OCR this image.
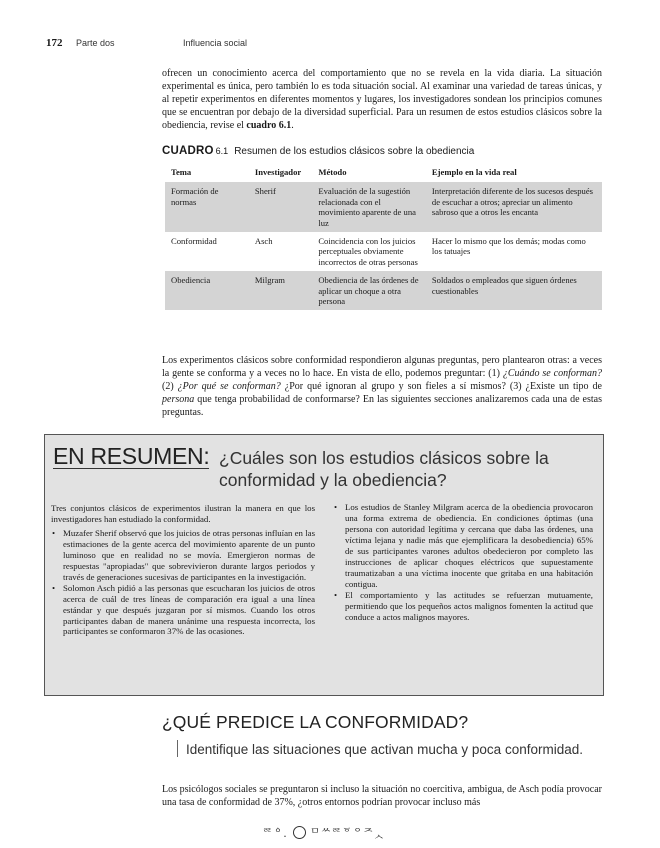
172 Parte dos	Influencia social

ofrecen un conocimiento acerca del comportamiento que no se revela en la vida diaria. La situación experimental es única, pero también lo es toda situación social. Al examinar una variedad de tareas únicas, y al repetir experimentos en diferentes momentos y lugares, los investigadores sondean los principios comunes que se encuentran por debajo de la diversidad superficial. Para un resumen de estos estudios clásicos sobre la obediencia, revise el cuadro 6.1.

CUADRO 6.1 Resumen de los estudios clásicos sobre la obediencia
Tema	Investigador	Método	Ejemplo en la vida real
Formación de normas	Sherif	Evaluación de la sugestión relacionada con el movimiento aparente de una luz	Interpretación diferente de los sucesos después de escuchar a otros; apreciar un alimento sabroso que a otros les encanta
Conformidad	Asch	Coincidencia con los juicios perceptuales obviamente incorrectos de otras personas	Hacer lo mismo que los demás; modas como los tatuajes
Obediencia	Milgram	Obediencia de las órdenes de aplicar un choque a otra persona	Soldados o empleados que siguen órdenes cuestionables

Los experimentos clásicos sobre conformidad respondieron algunas preguntas, pero plantearon otras: a veces la gente se conforma y a veces no lo hace. En vista de ello, podemos preguntar: (1) ¿Cuándo se conforman? (2) ¿Por qué se conforman? ¿Por qué ignoran al grupo y son fieles a sí mismos? (3) ¿Existe un tipo de persona que tenga probabilidad de conformarse? En las siguientes secciones analizaremos cada una de estas preguntas.

EN RESUMEN: ¿Cuáles son los estudios clásicos sobre la conformidad y la obediencia?

Tres conjuntos clásicos de experimentos ilustran la manera en que los investigadores han estudiado la conformidad.

• Muzafer Sherif observó que los juicios de otras personas influían en las estimaciones de la gente acerca del movimiento aparente de un punto luminoso que en realidad no se movía. Emergieron normas de respuestas "apropiadas" que sobrevivieron durante largos periodos y través de generaciones sucesivas de participantes en la investigación.
• Solomon Asch pidió a las personas que escucharan los juicios de otros acerca de cuál de tres líneas de comparación era igual a una línea estándar y que después juzgaran por sí mismos. Cuando los otros participantes daban de manera unánime una respuesta incorrecta, los participantes se conformaron 37% de las ocasiones.
• Los estudios de Stanley Milgram acerca de la obediencia provocaron una forma extrema de obediencia. En condiciones óptimas (una persona con autoridad legítima y cercana que daba las órdenes, una víctima lejana y nadie más que ejemplificara la desobediencia) 65% de sus participantes varones adultos obedecieron por completo las instrucciones de aplicar choques eléctricos que supuestamente traumatizaban a una víctima inocente que gritaba en una habitación contigua.
• El comportamiento y las actitudes se refuerzan mutuamente, permitiendo que los pequeños actos malignos fomenten la actitud que conduce a actos malignos mayores.
¿QUÉ PREDICE LA CONFORMIDAD?
Identifique las situaciones que activan mucha y poca conformidad.

Los psicólogos sociales se preguntaron si incluso la situación no coercitiva, ambigua, de Asch podía provocar una tasa de conformidad de 37%, ¿otros entornos podrían provocar incluso más

ᄙᅌ. ᄆᅠᄊᄙᅙᄋᄌᆺ
